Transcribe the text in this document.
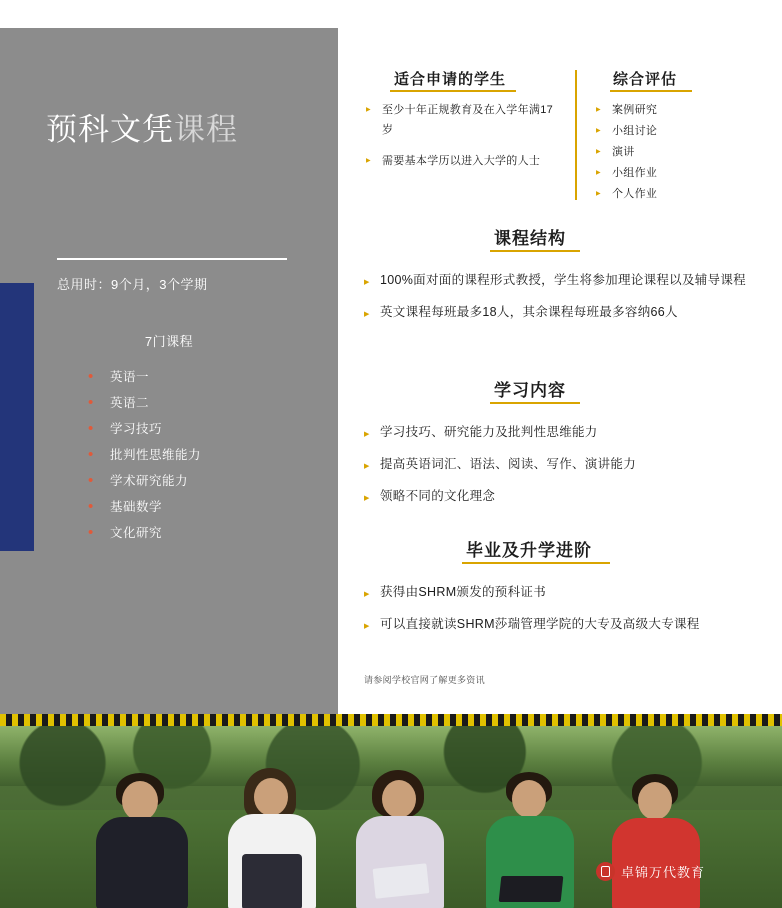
预科文凭课程
总用时：9个月，3个学期
7门课程
• 英语一
• 英语二
• 学习技巧
• 批判性思维能力
• 学术研究能力
• 基础数学
• 文化研究
适合申请的学生
▶ 至少十年正规教育及在入学年满17岁
▶ 需要基本学历以进入大学的人士
综合评估
▶ 案例研究
▶ 小组讨论
▶ 演讲
▶ 小组作业
▶ 个人作业
课程结构
▶ 100%面对面的课程形式教授，学生将参加理论课程以及辅导课程
▶ 英文课程每班最多18人，其余课程每班最多容纳66人
学习内容
▶ 学习技巧、研究能力及批判性思维能力
▶ 提高英语词汇、语法、阅读、写作、演讲能力
▶ 领略不同的文化理念
毕业及升学进阶
▶ 获得由SHRM颁发的预科证书
▶ 可以直接就读SHRM莎瑞管理学院的大专及高级大专课程
请参阅学校官网了解更多资讯
卓锦万代教育
